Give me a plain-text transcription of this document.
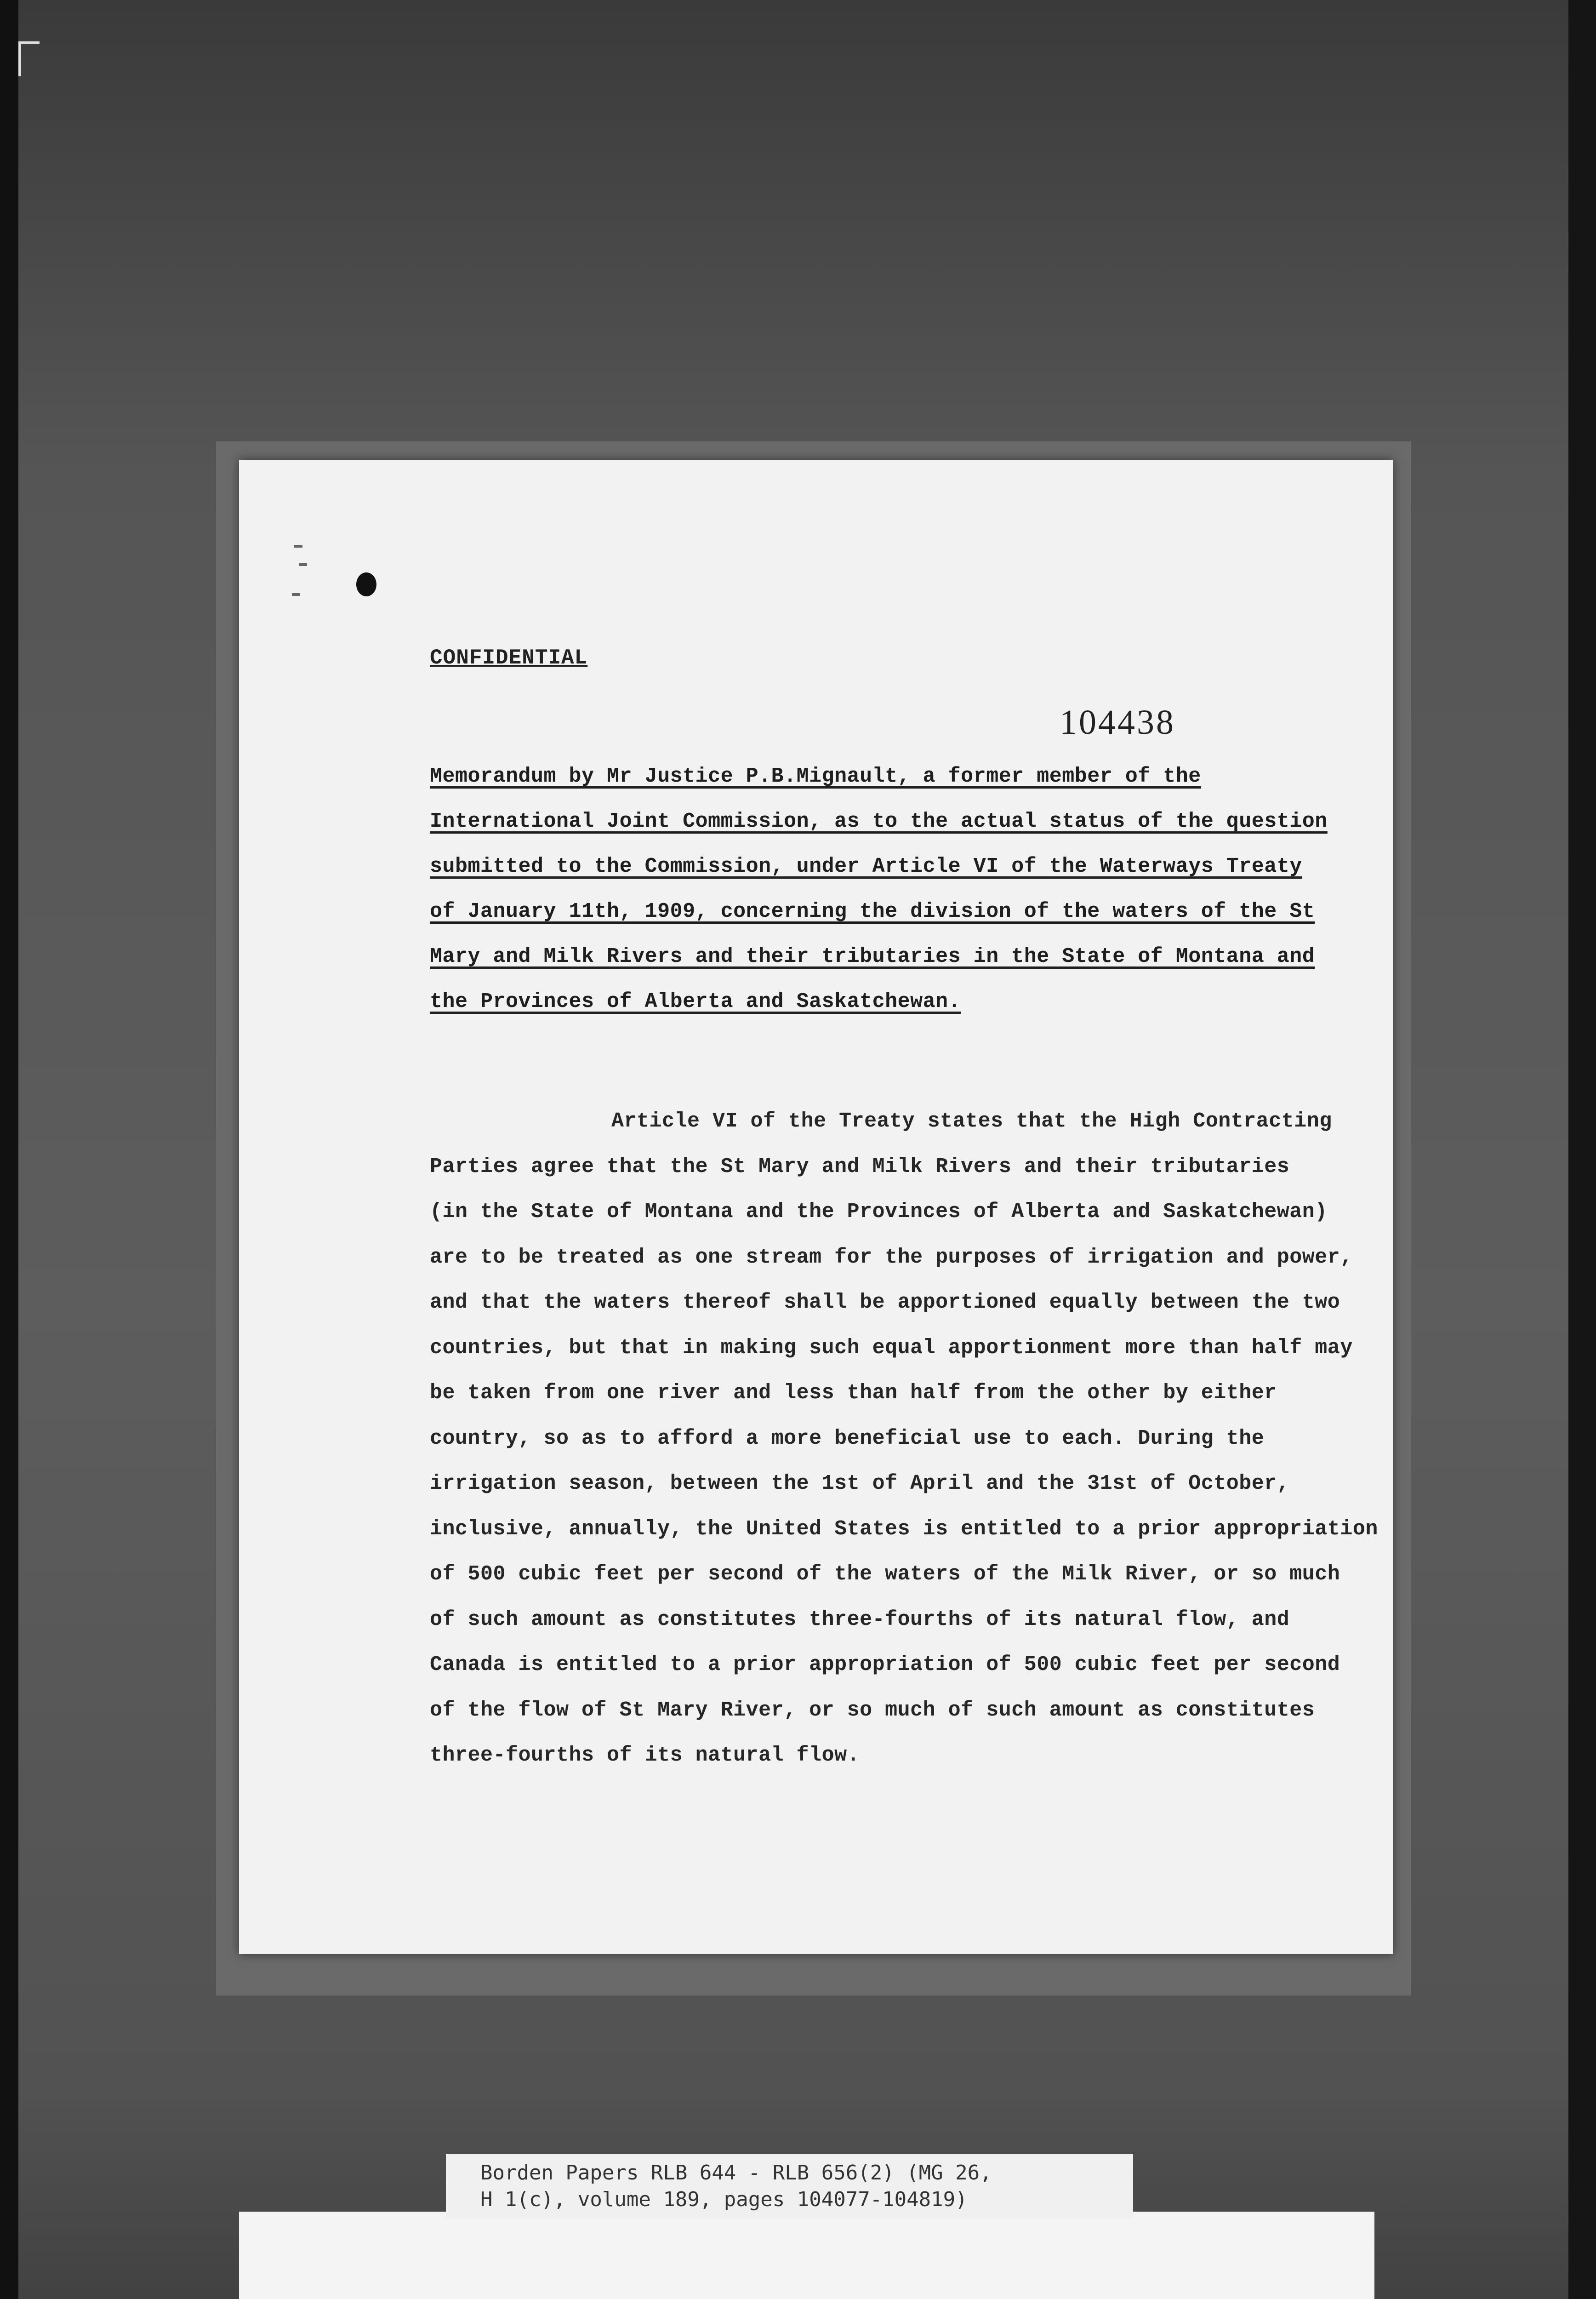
CONFIDENTIAL
104438
Memorandum by Mr Justice P.B.Mignault, a former member of the
International Joint Commission, as to the actual status of the question
submitted to the Commission, under Article VI of the Waterways Treaty
of January 11th, 1909, concerning the division of the waters of the St
Mary and Milk Rivers and their tributaries in the State of Montana and
the Provinces of Alberta and Saskatchewan.
Article VI of the Treaty states that the High Contracting
Parties agree that the St Mary and Milk Rivers and their tributaries
(in the State of Montana and the Provinces of Alberta and Saskatchewan)
are to be treated as one stream for the purposes of irrigation and power,
and that the waters thereof shall be apportioned equally between the two
countries, but that in making such equal apportionment more than half may
be taken from one river and less than half from the other by either
country, so as to afford a more beneficial use to each. During the
irrigation season, between the 1st of April and the 31st of October,
inclusive, annually, the United States is entitled to a prior appropriation
of 500 cubic feet per second of the waters of the Milk River, or so much
of such amount as constitutes three-fourths of its natural flow, and
Canada is entitled to a prior appropriation of 500 cubic feet per second
of the flow of St Mary River, or so much of such amount as constitutes
three-fourths of its natural flow.
Borden Papers RLB 644 - RLB 656(2) (MG 26,
H 1(c), volume 189, pages 104077-104819)
